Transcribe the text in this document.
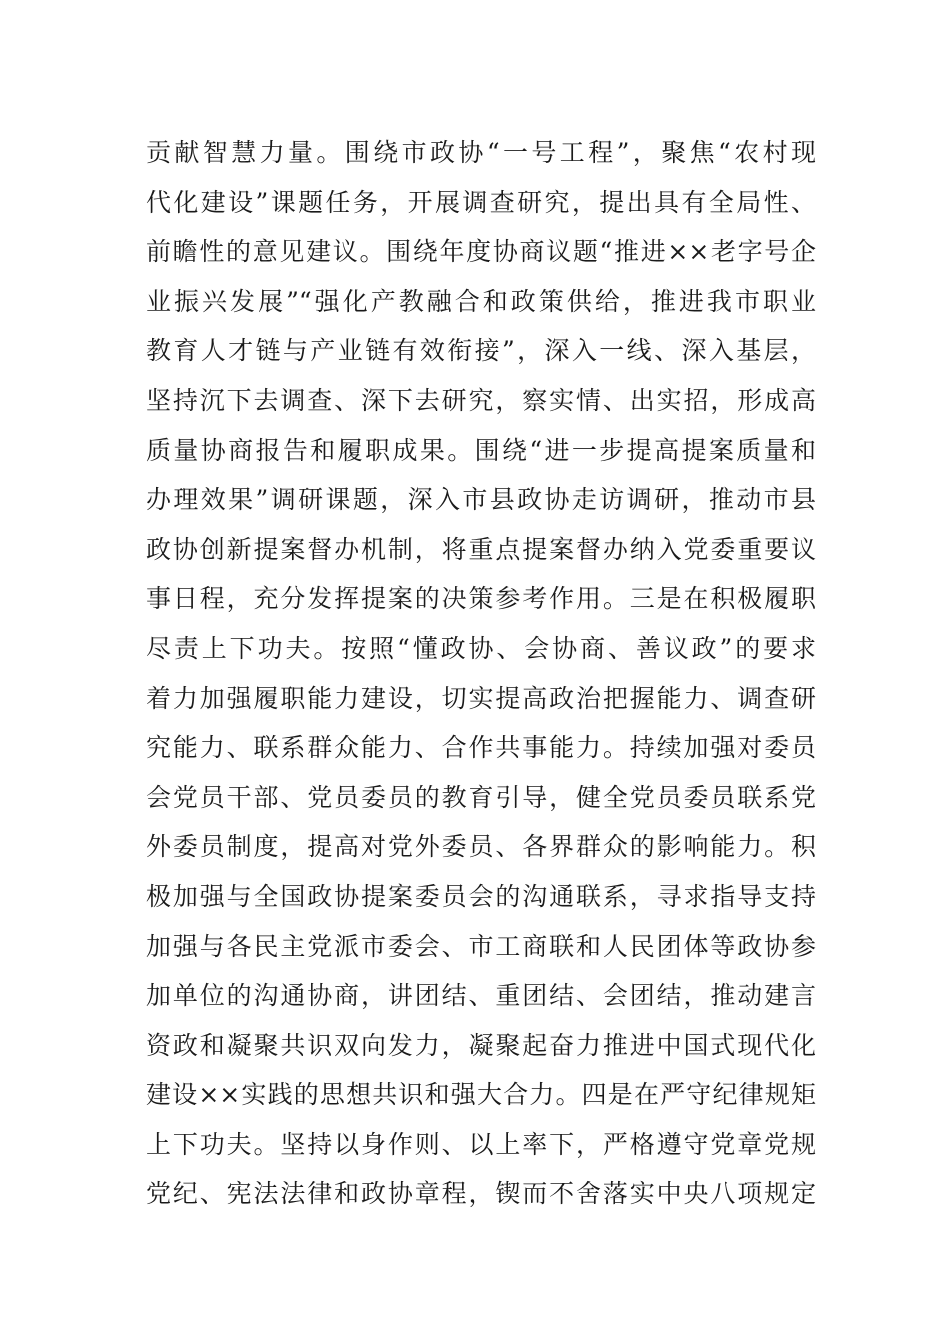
贡献智慧力量。围绕市政协“一号工程”，聚焦“农村现
代化建设”课题任务，开展调查研究，提出具有全局性、
前瞻性的意见建议。围绕年度协商议题“推进××老字号企
业振兴发展”“强化产教融合和政策供给，推进我市职业
教育人才链与产业链有效衔接”，深入一线、深入基层，
坚持沉下去调查、深下去研究，察实情、出实招，形成高
质量协商报告和履职成果。围绕“进一步提高提案质量和
办理效果”调研课题，深入市县政协走访调研，推动市县
政协创新提案督办机制，将重点提案督办纳入党委重要议
事日程，充分发挥提案的决策参考作用。三是在积极履职
尽责上下功夫。按照“懂政协、会协商、善议政”的要求
着力加强履职能力建设，切实提高政治把握能力、调查研
究能力、联系群众能力、合作共事能力。持续加强对委员
会党员干部、党员委员的教育引导，健全党员委员联系党
外委员制度，提高对党外委员、各界群众的影响能力。积
极加强与全国政协提案委员会的沟通联系，寻求指导支持
加强与各民主党派市委会、市工商联和人民团体等政协参
加单位的沟通协商，讲团结、重团结、会团结，推动建言
资政和凝聚共识双向发力，凝聚起奋力推进中国式现代化
建设××实践的思想共识和强大合力。四是在严守纪律规矩
上下功夫。坚持以身作则、以上率下，严格遵守党章党规
党纪、宪法法律和政协章程，锲而不舍落实中央八项规定
